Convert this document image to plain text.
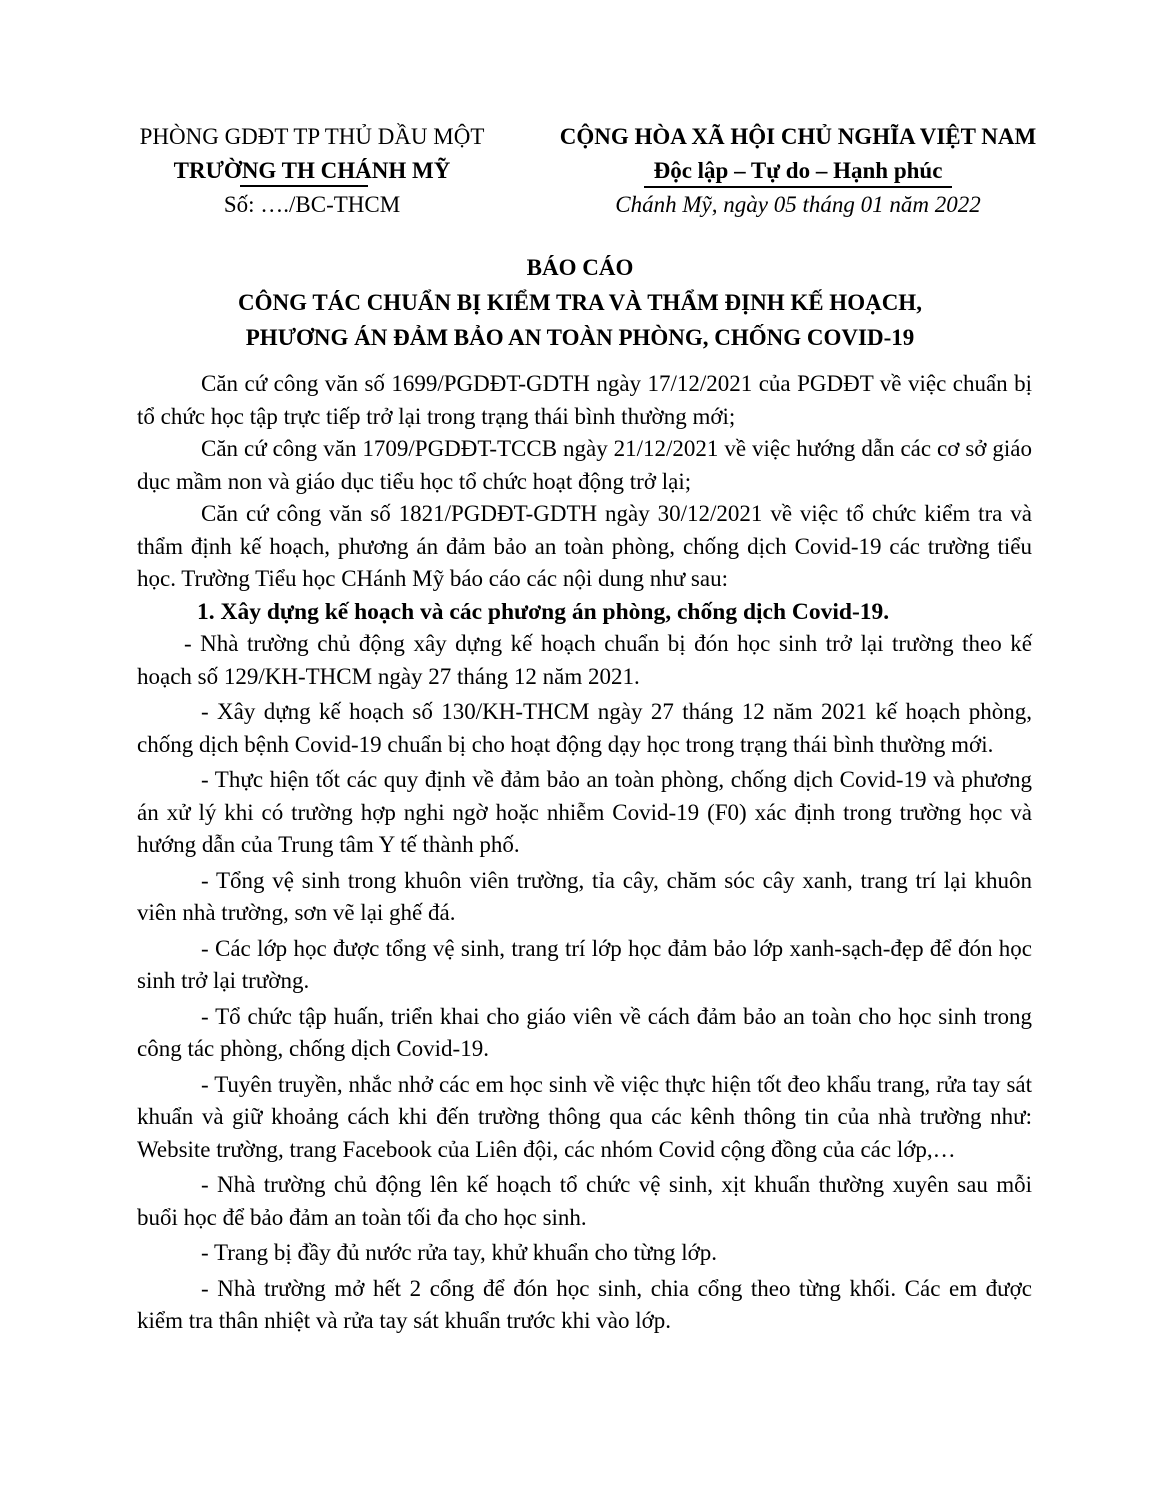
PHÒNG GDĐT TP THỦ DẦU MỘT
TRƯỜNG TH CHÁNH MỸ
Số: …./BC-THCM
CỘNG HÒA XÃ HỘI CHỦ NGHĨA VIỆT NAM
Độc lập – Tự do – Hạnh phúc
Chánh Mỹ, ngày 05 tháng 01 năm 2022
BÁO CÁO
CÔNG TÁC CHUẨN BỊ KIỂM TRA VÀ THẨM ĐỊNH KẾ HOẠCH,
PHƯƠNG ÁN ĐẢM BẢO AN TOÀN PHÒNG, CHỐNG COVID-19

Căn cứ công văn số 1699/PGDĐT-GDTH ngày 17/12/2021 của PGDĐT về việc chuẩn bị tổ chức học tập trực tiếp trở lại trong trạng thái bình thường mới;

Căn cứ công văn 1709/PGDĐT-TCCB ngày 21/12/2021 về việc hướng dẫn các cơ sở giáo dục mầm non và giáo dục tiểu học tổ chức hoạt động trở lại;

Căn cứ công văn số 1821/PGDĐT-GDTH ngày 30/12/2021 về việc tổ chức kiểm tra và thẩm định kế hoạch, phương án đảm bảo an toàn phòng, chống dịch Covid-19 các trường tiểu học. Trường Tiểu học CHánh Mỹ báo cáo các nội dung như sau:

1. Xây dựng kế hoạch và các phương án phòng, chống dịch Covid-19.

- Nhà trường chủ động xây dựng kế hoạch chuẩn bị đón học sinh trở lại trường theo kế hoạch số 129/KH-THCM ngày 27 tháng 12 năm 2021.

- Xây dựng kế hoạch số 130/KH-THCM ngày 27 tháng 12 năm 2021 kế hoạch phòng, chống dịch bệnh Covid-19 chuẩn bị cho hoạt động dạy học trong trạng thái bình thường mới.

- Thực hiện tốt các quy định về đảm bảo an toàn phòng, chống dịch Covid-19 và phương án xử lý khi có trường hợp nghi ngờ hoặc nhiễm Covid-19 (F0) xác định trong trường học và hướng dẫn của Trung tâm Y tế thành phố.

- Tổng vệ sinh trong khuôn viên trường, tỉa cây, chăm sóc cây xanh, trang trí lại khuôn viên nhà trường, sơn vẽ lại ghế đá.

- Các lớp học được tổng vệ sinh, trang trí lớp học đảm bảo lớp xanh-sạch-đẹp để đón học sinh trở lại trường.

- Tổ chức tập huấn, triển khai cho giáo viên về cách đảm bảo an toàn cho học sinh trong công tác phòng, chống dịch Covid-19.

- Tuyên truyền, nhắc nhở các em học sinh về việc thực hiện tốt đeo khẩu trang, rửa tay sát khuẩn và giữ khoảng cách khi đến trường thông qua các kênh thông tin của nhà trường như: Website trường, trang Facebook của Liên đội, các nhóm Covid cộng đồng của các lớp,…

- Nhà trường chủ động lên kế hoạch tổ chức vệ sinh, xịt khuẩn thường xuyên sau mỗi buổi học để bảo đảm an toàn tối đa cho học sinh.

- Trang bị đầy đủ nước rửa tay, khử khuẩn cho từng lớp.

- Nhà trường mở hết 2 cổng để đón học sinh, chia cổng theo từng khối. Các em được kiểm tra thân nhiệt và rửa tay sát khuẩn trước khi vào lớp.
